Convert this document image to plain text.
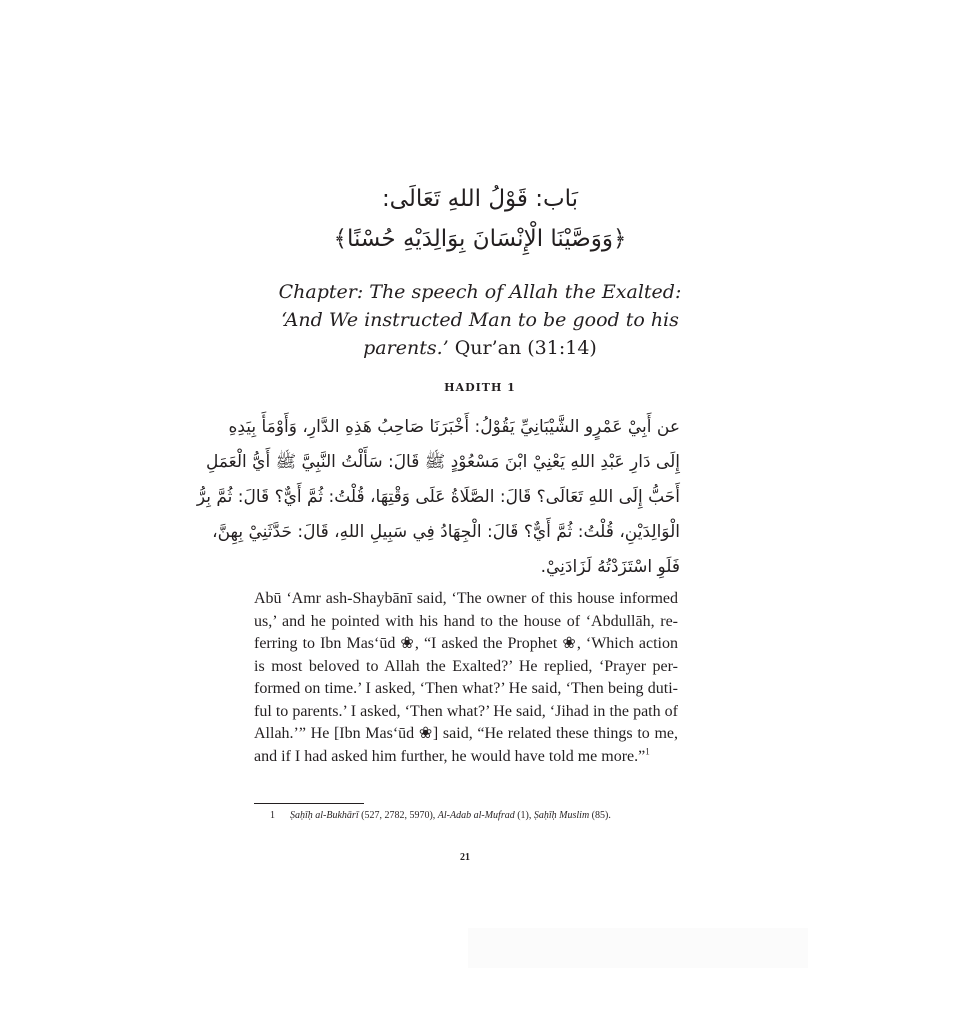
بَاب: قَوْلُ اللهِ تَعَالَى:
﴿وَوَصَّيْنَا الْإِنْسَانَ بِوَالِدَيْهِ حُسْنًا﴾
Chapter: The speech of Allah the Exalted: ‘And We instructed Man to be good to his parents.’ Qur’an (31:14)
HADITH 1
عن أَبِيْ عَمْرٍو الشَّيْبَانِيِّ يَقُوْلُ: أَخْبَرَنَا صَاحِبُ هَذِهِ الدَّارِ، وَأَوْمَأَ بِيَدِهِ
إِلَى دَارِ عَبْدِ اللهِ يَعْنِيْ ابْنَ مَسْعُوْدٍ ﷺ قَالَ: سَأَلْتُ النَّبِيَّ ﷺ أَيُّ الْعَمَلِ
أَحَبُّ إِلَى اللهِ تَعَالَى؟ قَالَ: الصَّلَاةُ عَلَى وَقْتِهَا، قُلْتُ: ثُمَّ أَيٌّ؟ قَالَ: ثُمَّ بِرُّ
الْوَالِدَيْنِ، قُلْتُ: ثُمَّ أَيٌّ؟ قَالَ: الْجِهَادُ فِي سَبِيلِ اللهِ، قَالَ: حَدَّثَنِيْ بِهِنَّ،
فَلَوِ اسْتَزَدْتُهُ لَزَادَنِيْ.
Abū ‘Amr ash-Shaybānī said, ‘The owner of this house informed
us,’ and he pointed with his hand to the house of ‘Abdullāh, re-
ferring to Ibn Mas‘ūd ❀, “I asked the Prophet ❀, ‘Which action
is most beloved to Allah the Exalted?’ He replied, ‘Prayer per-
formed on time.’ I asked, ‘Then what?’ He said, ‘Then being duti-
ful to parents.’ I asked, ‘Then what?’ He said, ‘Jihad in the path of
Allah.’” He [Ibn Mas‘ūd ❀] said, “He related these things to me,
and if I had asked him further, he would have told me more.”$^1$
1 Ṣaḥīḥ al-Bukhārī (527, 2782, 5970), Al-Adab al-Mufrad (1), Ṣaḥīḥ Muslim (85).
21
